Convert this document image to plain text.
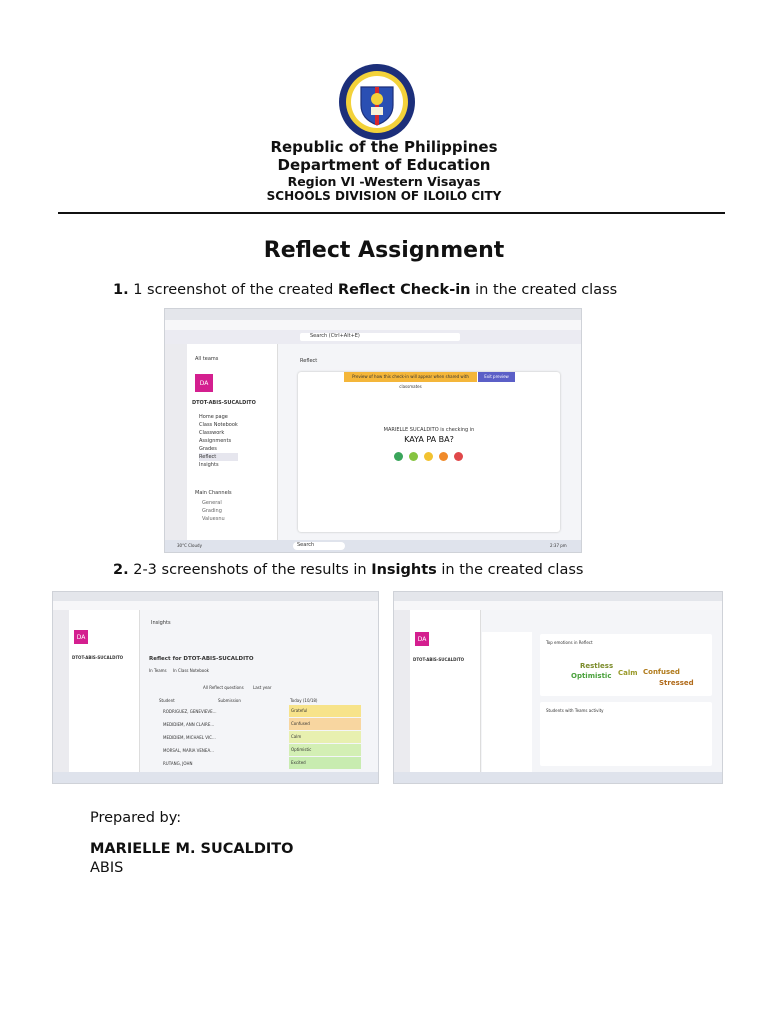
Republic of the Philippines
Department of Education
Region VI -Western Visayas
SCHOOLS DIVISION OF ILOILO CITY
Reflect Assignment
1. 1 screenshot of the created Reflect Check-in in the created class
Search (Ctrl+Alt+E)
All teams
DA
DTOT-ABIS-SUCALDITO
Home page
Class Notebook
Classwork
Assignments
Grades
Reflect
Insights
Main Channels
General
Grading
Valuesnu
Reflect
Preview of how this check-in will appear when shared with classmates
Exit preview
MARIELLE SUCALDITO is checking in
KAYA PA BA?
30°C Cloudy	Search	2:37 pm
2. 2-3 screenshots of the results in Insights in the created class
DA
DTOT-ABIS-SUCALDITO
Insights
Reflect for DTOT-ABIS-SUCALDITO
In Teams In Class Notebook
All Reflect questions Last year
Student	Submission	Today (10/18)
RODRIGUEZ, GENEVIEVE...	Grateful
MEDIDIEM, ANN CLAIRE...	Confused
MEDIDIEM, MICHAEL VIC...	Calm
MORSAL, MARIA VENEA...	Optimistic
RUTANG, JOHN	Excited
DA
DTOT-ABIS-SUCALDITO
Top emotions in Reflect
Restless
Optimistic Calm Confused
Stressed
Students with Teams activity
Prepared by:
MARIELLE M. SUCALDITO
ABIS
